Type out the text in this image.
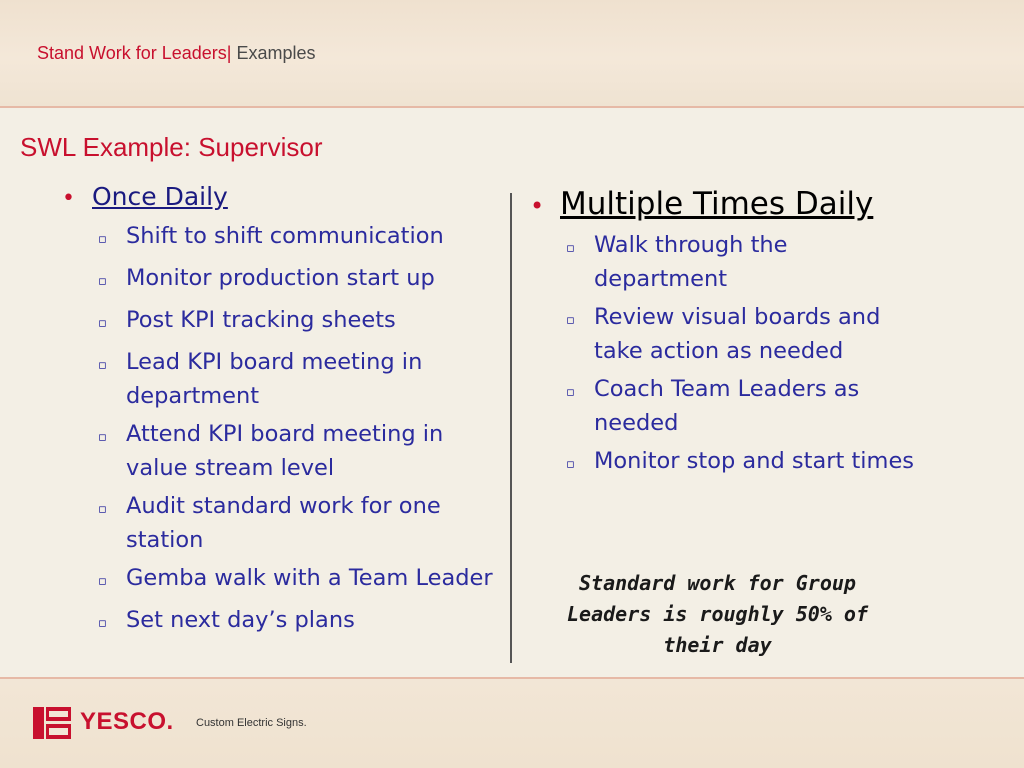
Stand Work for Leaders| Examples
SWL Example: Supervisor
• Once Daily
▫ Shift to shift communication
▫ Monitor production start up
▫ Post KPI tracking sheets
▫ Lead KPI board meeting in department
▫ Attend KPI board meeting in value stream level
▫ Audit standard work for one station
▫ Gemba walk with a Team Leader
▫ Set next day’s plans
• Multiple Times Daily
▫ Walk through the department
▫ Review visual boards and take action as needed
▫ Coach Team Leaders as needed
▫ Monitor stop and start times
Standard work for Group Leaders is roughly 50% of their day
YESCO. Custom Electric Signs.
